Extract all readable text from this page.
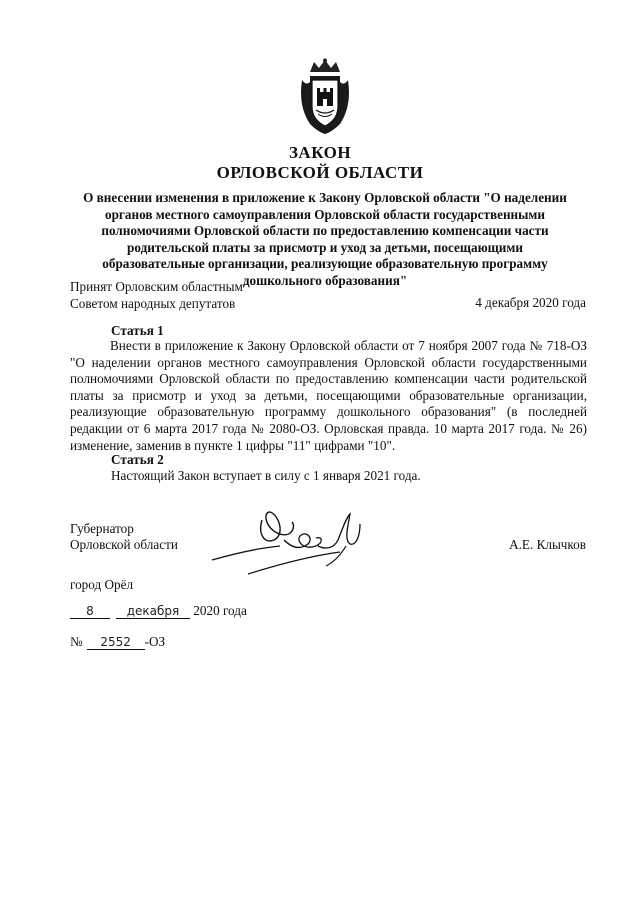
ЗАКОН
ОРЛОВСКОЙ ОБЛАСТИ
О внесении изменения в приложение к Закону Орловской области "О наделении органов местного самоуправления Орловской области государственными полномочиями Орловской области по предоставлению компенсации части родительской платы за присмотр и уход за детьми, посещающими образовательные организации, реализующие образовательную программу дошкольного образования"
Принят Орловским областным
Советом народных депутатов	4 декабря 2020 года
Статья 1
Внести в приложение к Закону Орловской области от 7 ноября 2007 года № 718-ОЗ "О наделении органов местного самоуправления Орловской области государственными полномочиями Орловской области по предоставлению компенсации части родительской платы за присмотр и уход за детьми, посещающими образовательные организации, реализующие образовательную программу дошкольного образования" (в последней редакции от 6 марта 2017 года № 2080-ОЗ. Орловская правда. 10 марта 2017 года. № 26) изменение, заменив в пункте 1 цифры "11" цифрами "10".
Статья 2
Настоящий Закон вступает в силу с 1 января 2021 года.
Губернатор
Орловской области	А.Е. Клычков
город Орёл
8	декабря 2020 года
№ 2552 -ОЗ
